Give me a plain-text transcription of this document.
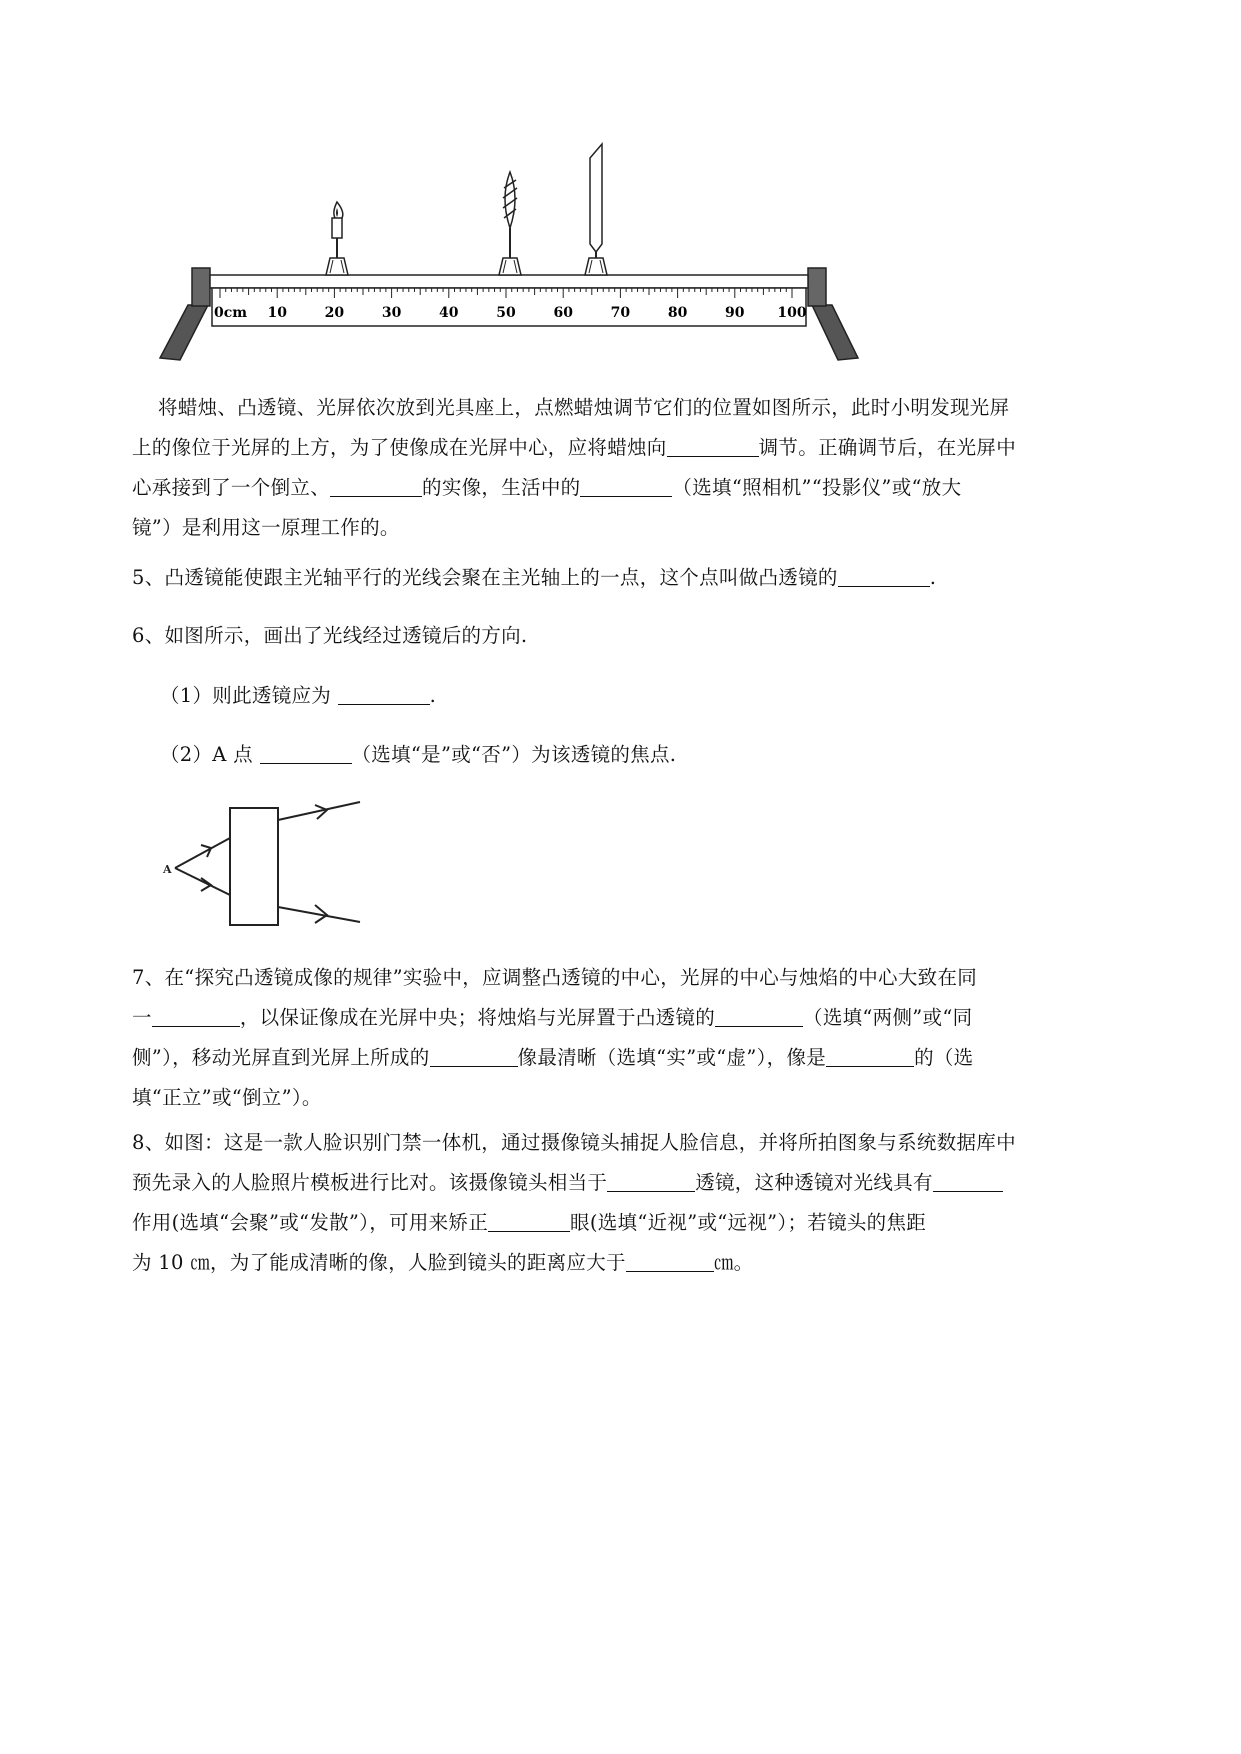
0cm 10	20	30	40	50	60	70	80	90 100
将蜡烛、凸透镜、光屏依次放到光具座上，点燃蜡烛调节它们的位置如图所示，此时小明发现光屏
上的像位于光屏的上方，为了使像成在光屏中心，应将蜡烛向	调节。正确调节后，在光屏中
心承接到了一个倒立、	的实像，生活中的	（选填“照相机”“投影仪”或“放大
镜”）是利用这一原理工作的。
5、凸透镜能使跟主光轴平行的光线会聚在主光轴上的一点，这个点叫做凸透镜的	.
6、如图所示，画出了光线经过透镜后的方向.
（1）则此透镜应为	.
（2）A 点	（选填“是”或“否”）为该透镜的焦点.
A
7、在“探究凸透镜成像的规律”实验中，应调整凸透镜的中心，光屏的中心与烛焰的中心大致在同
一	，以保证像成在光屏中央；将烛焰与光屏置于凸透镜的	（选填“两侧”或“同
侧”），移动光屏直到光屏上所成的	像最清晰（选填“实”或“虚”），像是	的（选
填“正立”或“倒立”）。
8、如图：这是一款人脸识别门禁一体机，通过摄像镜头捕捉人脸信息，并将所拍图象与系统数据库中
预先录入的人脸照片模板进行比对。该摄像镜头相当于	透镜，这种透镜对光线具有
作用(选填“会聚”或“发散”），可用来矫正	眼(选填“近视”或“远视”）；若镜头的焦距
为 10 ㎝，为了能成清晰的像，人脸到镜头的距离应大于	㎝。
